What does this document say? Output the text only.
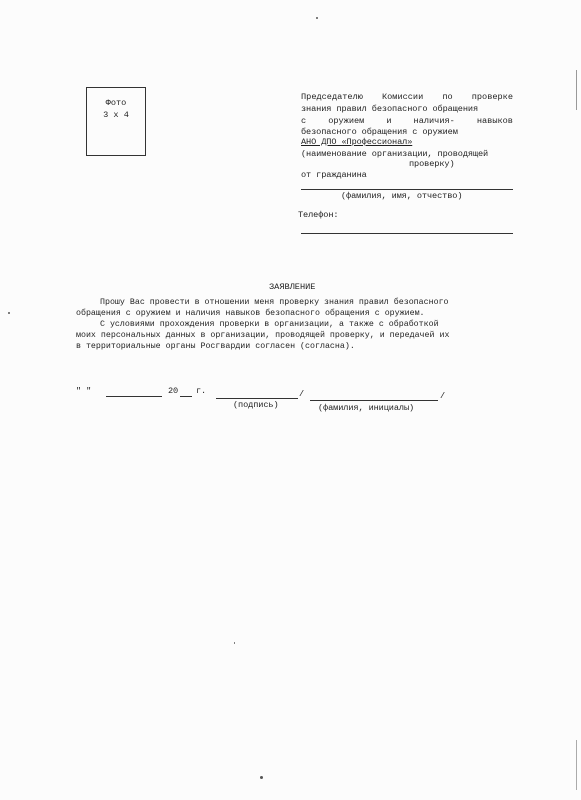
Фото
3 х 4
Председателю Комиссии по проверке
знания правил безопасного обращения
с	оружием	и	наличия-	навыков
безопасного обращения с оружием
АНО ДПО «Профессионал»
(наименование организации, проводящей
проверку)
от гражданина
(фамилия, имя, отчество)
Телефон:
ЗАЯВЛЕНИЕ
Прошу Вас провести в отношении меня проверку знания правил безопасного
обращения с оружием и наличия навыков безопасного обращения с оружием.
С условиями прохождения проверки в организации, а также с обработкой
моих персональных данных в организации, проводящей проверку, и передачей их
в территориальные органы Росгвардии согласен (согласна).
" "	20 г.	/	/
(подпись)	(фамилия, инициалы)
